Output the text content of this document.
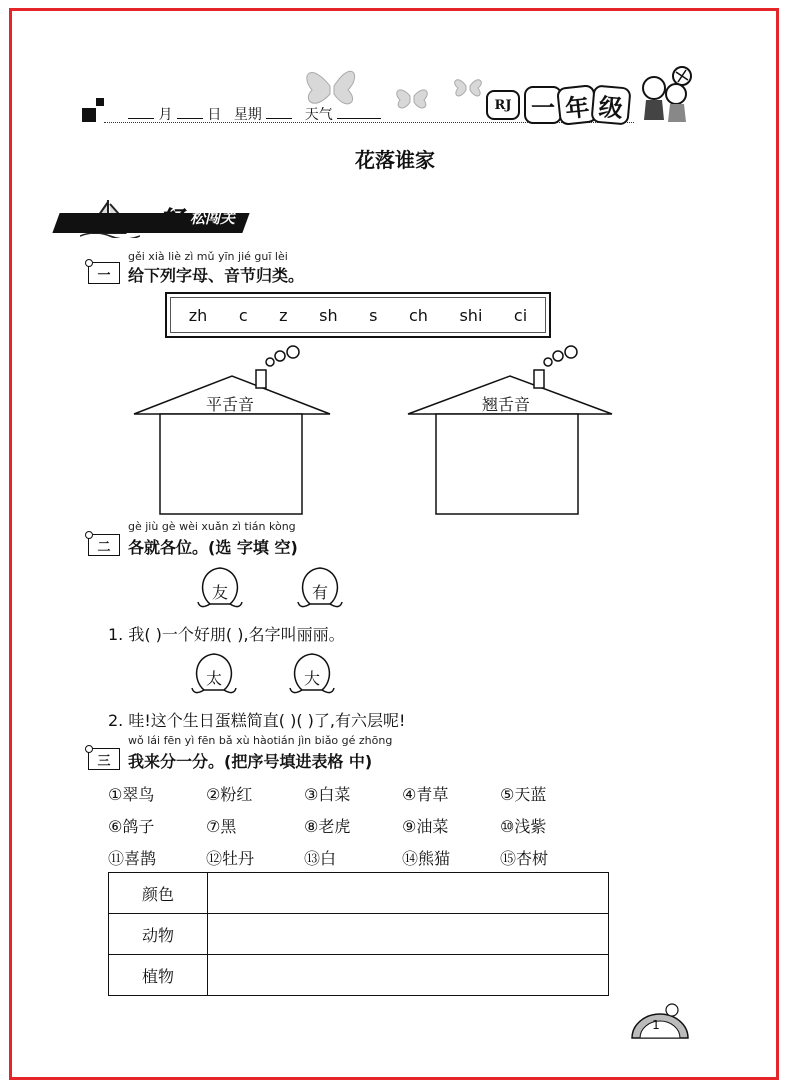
月 日 星期	天气
RJ 一 年 级
花落谁家
轻 松闯关
gěi xià liè zì mǔ yīn jié guī lèi
一	给下列字母、音节归类。
zh c z sh s ch shi ci
平舌音	翘舌音
gè jiù gè wèi xuǎn zì tián kòng
二	各就各位。(选 字填 空)
友	有
1. 我( )一个好朋( ),名字叫丽丽。
太	大
2. 哇!这个生日蛋糕简直( )( )了,有六层呢!
wǒ lái fēn yì fēn bǎ xù hàotián jìn biǎo gé zhōng
三	我来分一分。(把序号填进表格 中)
①翠鸟	②粉红	③白菜	④青草	⑤天蓝
⑥鸽子	⑦黑	⑧老虎	⑨油菜	⑩浅紫
⑪喜鹊	⑫牡丹	⑬白	⑭熊猫	⑮杏树
颜色	
动物	
植物	
1
